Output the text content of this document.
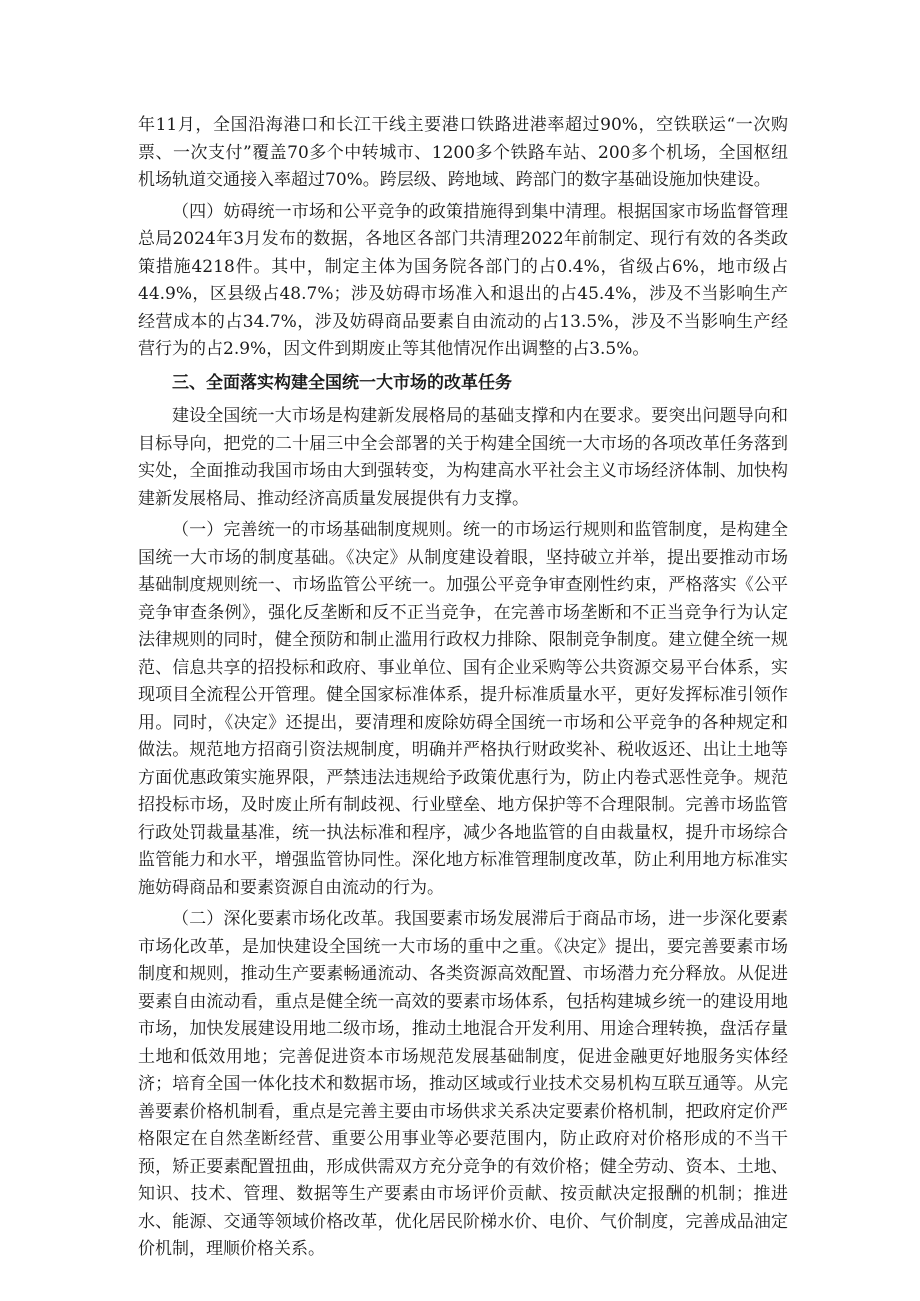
年11月，全国沿海港口和长江干线主要港口铁路进港率超过90%，空铁联运“一次购票、一次支付”覆盖70多个中转城市、1200多个铁路车站、200多个机场，全国枢纽机场轨道交通接入率超过70%。跨层级、跨地域、跨部门的数字基础设施加快建设。

（四）妨碍统一市场和公平竞争的政策措施得到集中清理。根据国家市场监督管理总局2024年3月发布的数据，各地区各部门共清理2022年前制定、现行有效的各类政策措施4218件。其中，制定主体为国务院各部门的占0.4%，省级占6%，地市级占44.9%，区县级占48.7%；涉及妨碍市场准入和退出的占45.4%，涉及不当影响生产经营成本的占34.7%，涉及妨碍商品要素自由流动的占13.5%，涉及不当影响生产经营行为的占2.9%，因文件到期废止等其他情况作出调整的占3.5%。

三、全面落实构建全国统一大市场的改革任务

建设全国统一大市场是构建新发展格局的基础支撑和内在要求。要突出问题导向和目标导向，把党的二十届三中全会部署的关于构建全国统一大市场的各项改革任务落到实处，全面推动我国市场由大到强转变，为构建高水平社会主义市场经济体制、加快构建新发展格局、推动经济高质量发展提供有力支撑。

（一）完善统一的市场基础制度规则。统一的市场运行规则和监管制度，是构建全国统一大市场的制度基础。《决定》从制度建设着眼，坚持破立并举，提出要推动市场基础制度规则统一、市场监管公平统一。加强公平竞争审查刚性约束，严格落实《公平竞争审查条例》，强化反垄断和反不正当竞争，在完善市场垄断和不正当竞争行为认定法律规则的同时，健全预防和制止滥用行政权力排除、限制竞争制度。建立健全统一规范、信息共享的招投标和政府、事业单位、国有企业采购等公共资源交易平台体系，实现项目全流程公开管理。健全国家标准体系，提升标准质量水平，更好发挥标准引领作用。同时，《决定》还提出，要清理和废除妨碍全国统一市场和公平竞争的各种规定和做法。规范地方招商引资法规制度，明确并严格执行财政奖补、税收返还、出让土地等方面优惠政策实施界限，严禁违法违规给予政策优惠行为，防止内卷式恶性竞争。规范招投标市场，及时废止所有制歧视、行业壁垒、地方保护等不合理限制。完善市场监管行政处罚裁量基准，统一执法标准和程序，减少各地监管的自由裁量权，提升市场综合监管能力和水平，增强监管协同性。深化地方标准管理制度改革，防止利用地方标准实施妨碍商品和要素资源自由流动的行为。

（二）深化要素市场化改革。我国要素市场发展滞后于商品市场，进一步深化要素市场化改革，是加快建设全国统一大市场的重中之重。《决定》提出，要完善要素市场制度和规则，推动生产要素畅通流动、各类资源高效配置、市场潜力充分释放。从促进要素自由流动看，重点是健全统一高效的要素市场体系，包括构建城乡统一的建设用地市场，加快发展建设用地二级市场，推动土地混合开发利用、用途合理转换，盘活存量土地和低效用地；完善促进资本市场规范发展基础制度，促进金融更好地服务实体经济；培育全国一体化技术和数据市场，推动区域或行业技术交易机构互联互通等。从完善要素价格机制看，重点是完善主要由市场供求关系决定要素价格机制，把政府定价严格限定在自然垄断经营、重要公用事业等必要范围内，防止政府对价格形成的不当干预，矫正要素配置扭曲，形成供需双方充分竞争的有效价格；健全劳动、资本、土地、知识、技术、管理、数据等生产要素由市场评价贡献、按贡献决定报酬的机制；推进水、能源、交通等领域价格改革，优化居民阶梯水价、电价、气价制度，完善成品油定价机制，理顺价格关系。
